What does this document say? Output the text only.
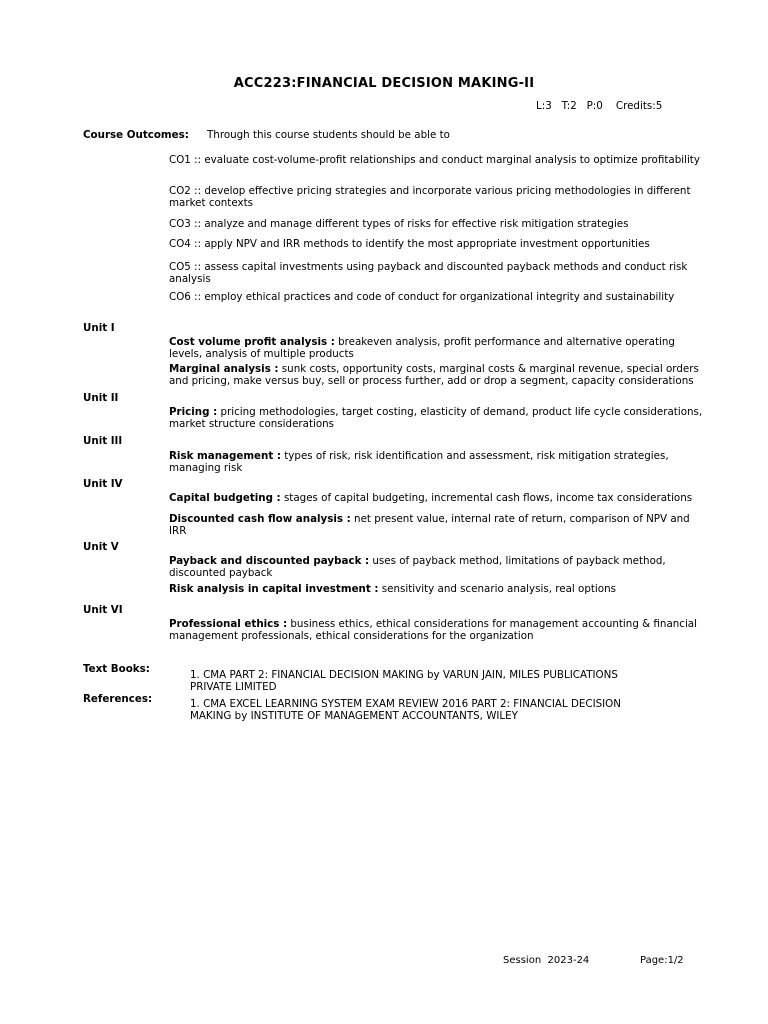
ACC223:FINANCIAL DECISION MAKING-II
L:3   T:2   P:0    Credits:5
Course Outcomes: Through this course students should be able to
CO1 :: evaluate cost-volume-profit relationships and conduct marginal analysis to optimize profitability
CO2 :: develop effective pricing strategies and incorporate various pricing methodologies in different market contexts
CO3 :: analyze and manage different types of risks for effective risk mitigation strategies
CO4 :: apply NPV and IRR methods to identify the most appropriate investment opportunities
CO5 :: assess capital investments using payback and discounted payback methods and conduct risk analysis
CO6 :: employ ethical practices and code of conduct for organizational integrity and sustainability
Unit I
Cost volume profit analysis : breakeven analysis, profit performance and alternative operating levels, analysis of multiple products
Marginal analysis : sunk costs, opportunity costs, marginal costs & marginal revenue, special orders and pricing, make versus buy, sell or process further, add or drop a segment, capacity considerations
Unit II
Pricing : pricing methodologies, target costing, elasticity of demand, product life cycle considerations, market structure considerations
Unit III
Risk management : types of risk, risk identification and assessment, risk mitigation strategies, managing risk
Unit IV
Capital budgeting : stages of capital budgeting, incremental cash flows, income tax considerations
Discounted cash flow analysis : net present value, internal rate of return, comparison of NPV and IRR
Unit V
Payback and discounted payback : uses of payback method, limitations of payback method, discounted payback
Risk analysis in capital investment : sensitivity and scenario analysis, real options
Unit VI
Professional ethics : business ethics, ethical considerations for management accounting & financial management professionals, ethical considerations for the organization
Text Books:	1. CMA PART 2: FINANCIAL DECISION MAKING by VARUN JAIN, MILES PUBLICATIONS PRIVATE LIMITED
References:	1. CMA EXCEL LEARNING SYSTEM EXAM REVIEW 2016 PART 2: FINANCIAL DECISION MAKING by INSTITUTE OF MANAGEMENT ACCOUNTANTS, WILEY
Session  2023-24	Page:1/2
